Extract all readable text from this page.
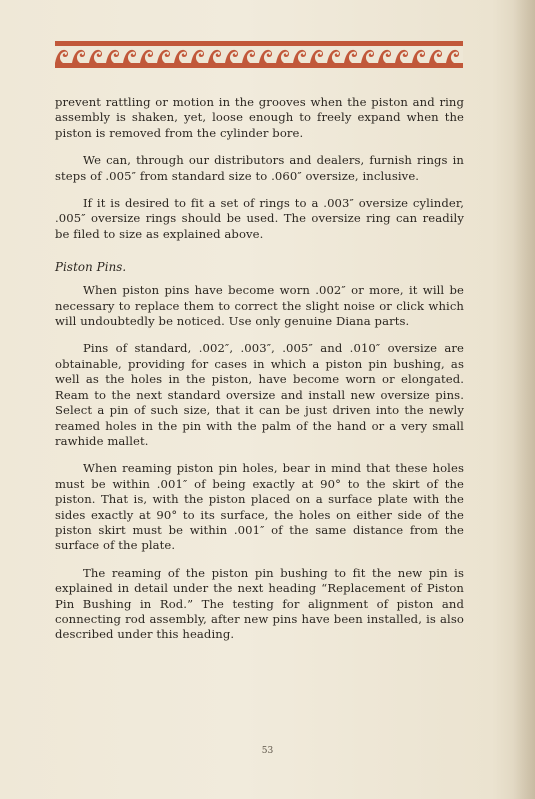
prevent rattling or motion in the grooves when the piston and ring assembly is shaken, yet, loose enough to freely expand when the piston is removed from the cylinder bore.

We can, through our distributors and dealers, furnish rings in steps of .005″ from standard size to .060″ oversize, inclusive.

If it is desired to fit a set of rings to a .003″ oversize cylinder, .005″ oversize rings should be used. The oversize ring can readily be filed to size as explained above.

Piston Pins.

When piston pins have become worn .002″ or more, it will be necessary to replace them to correct the slight noise or click which will undoubtedly be noticed. Use only genuine Diana parts.

Pins of standard, .002″, .003″, .005″ and .010″ oversize are obtainable, providing for cases in which a piston pin bushing, as well as the holes in the piston, have become worn or elongated. Ream to the next standard oversize and install new oversize pins. Select a pin of such size, that it can be just driven into the newly reamed holes in the pin with the palm of the hand or a very small rawhide mallet.

When reaming piston pin holes, bear in mind that these holes must be within .001″ of being exactly at 90° to the skirt of the piston. That is, with the piston placed on a surface plate with the sides exactly at 90° to its surface, the holes on either side of the piston skirt must be within .001″ of the same distance from the surface of the plate.

The reaming of the piston pin bushing to fit the new pin is explained in detail under the next heading “Replacement of Piston Pin Bushing in Rod.” The testing for alignment of piston and connecting rod assembly, after new pins have been installed, is also described under this heading.

53
